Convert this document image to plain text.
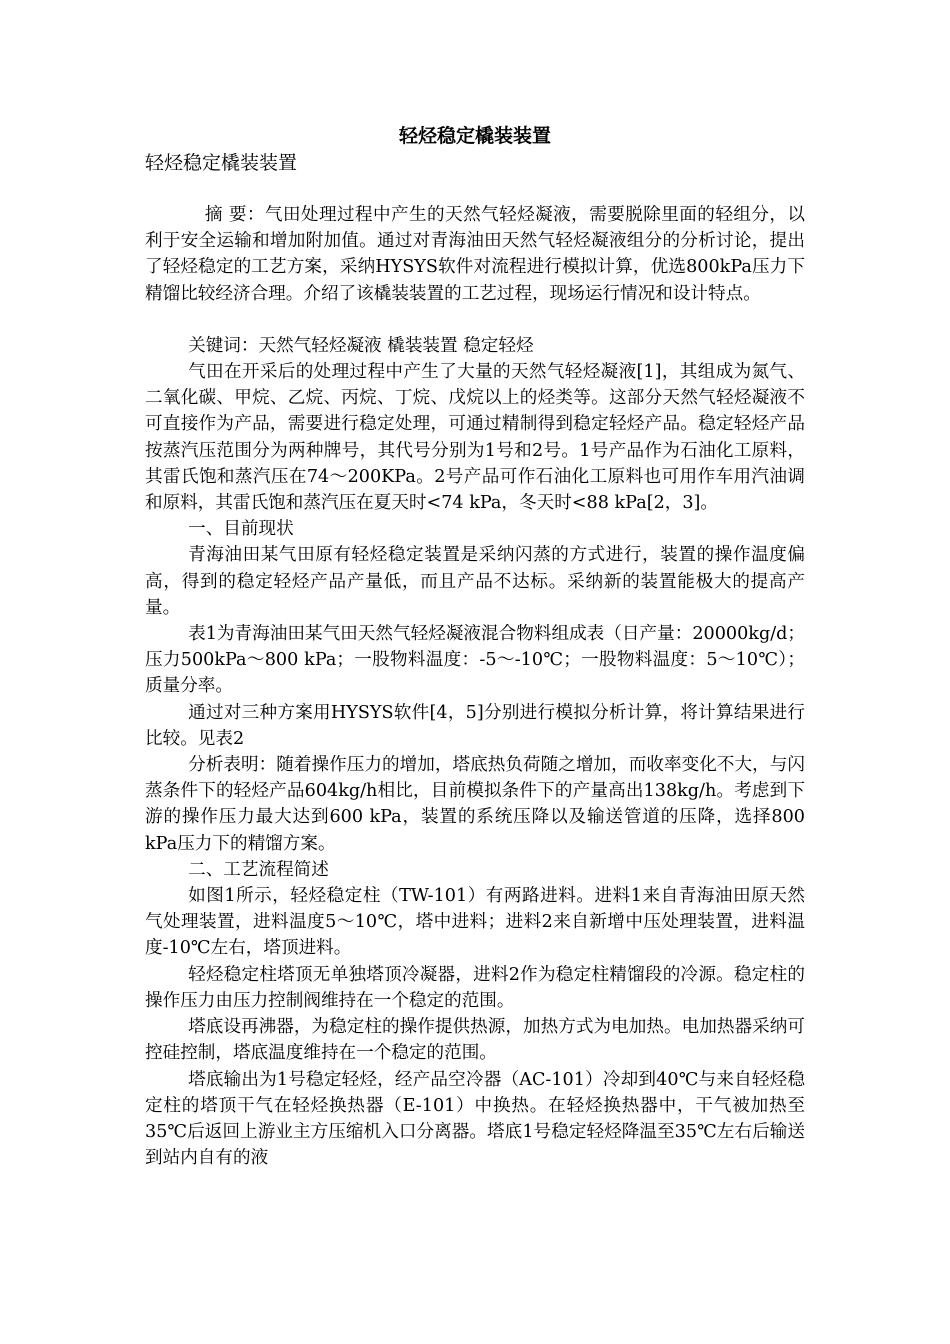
轻烃稳定橇装装置

轻烃稳定橇装装置

摘 要：气田处理过程中产生的天然气轻烃凝液，需要脱除里面的轻组分，以利于安全运输和增加附加值。通过对青海油田天然气轻烃凝液组分的分析讨论，提出了轻烃稳定的工艺方案，采纳HYSYS软件对流程进行模拟计算，优选800kPa压力下精馏比较经济合理。介绍了该橇装装置的工艺过程，现场运行情况和设计特点。

关键词：天然气轻烃凝液 橇装装置 稳定轻烃

气田在开采后的处理过程中产生了大量的天然气轻烃凝液[1]，其组成为氮气、二氧化碳、甲烷、乙烷、丙烷、丁烷、戊烷以上的烃类等。这部分天然气轻烃凝液不可直接作为产品，需要进行稳定处理，可通过精制得到稳定轻烃产品。稳定轻烃产品按蒸汽压范围分为两种牌号，其代号分别为1号和2号。1号产品作为石油化工原料，其雷氏饱和蒸汽压在74～200KPa。2号产品可作石油化工原料也可用作车用汽油调和原料，其雷氏饱和蒸汽压在夏天时<74 kPa，冬天时<88 kPa[2，3]。

一、目前现状

青海油田某气田原有轻烃稳定装置是采纳闪蒸的方式进行，装置的操作温度偏高，得到的稳定轻烃产品产量低，而且产品不达标。采纳新的装置能极大的提高产量。

表1为青海油田某气田天然气轻烃凝液混合物料组成表（日产量：20000kg/d；压力500kPa～800 kPa；一股物料温度：-5～-10℃；一股物料温度：5～10℃）；质量分率。

通过对三种方案用HYSYS软件[4，5]分别进行模拟分析计算，将计算结果进行比较。见表2

分析表明：随着操作压力的增加，塔底热负荷随之增加，而收率变化不大，与闪蒸条件下的轻烃产品604kg/h相比，目前模拟条件下的产量高出138kg/h。考虑到下游的操作压力最大达到600 kPa，装置的系统压降以及输送管道的压降，选择800 kPa压力下的精馏方案。

二、工艺流程简述

如图1所示，轻烃稳定柱（TW-101）有两路进料。进料1来自青海油田原天然气处理装置，进料温度5～10℃，塔中进料；进料2来自新增中压处理装置，进料温度-10℃左右，塔顶进料。

轻烃稳定柱塔顶无单独塔顶冷凝器，进料2作为稳定柱精馏段的冷源。稳定柱的操作压力由压力控制阀维持在一个稳定的范围。

塔底设再沸器，为稳定柱的操作提供热源，加热方式为电加热。电加热器采纳可控硅控制，塔底温度维持在一个稳定的范围。

塔底输出为1号稳定轻烃，经产品空冷器（AC-101）冷却到40℃与来自轻烃稳定柱的塔顶干气在轻烃换热器（E-101）中换热。在轻烃换热器中，干气被加热至35℃后返回上游业主方压缩机入口分离器。塔底1号稳定轻烃降温至35℃左右后输送到站内自有的液
